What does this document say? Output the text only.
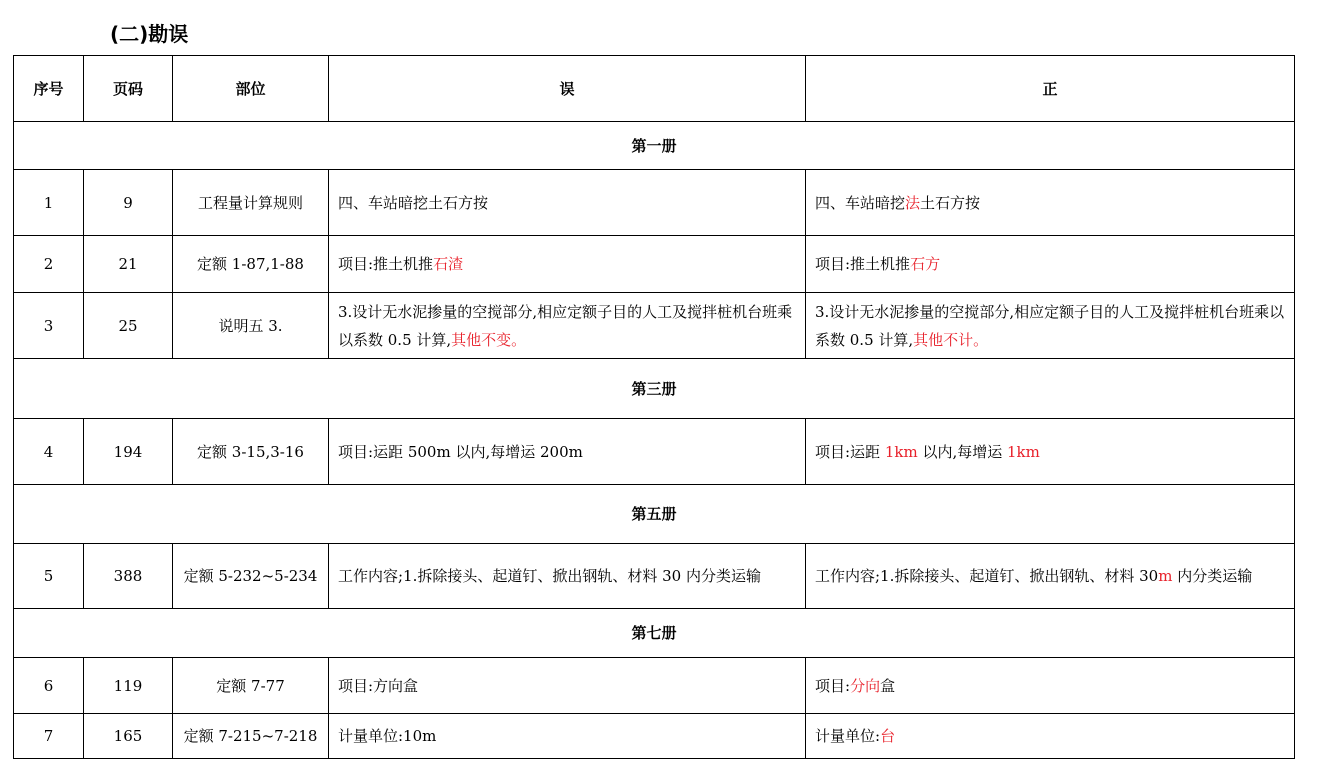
(二)勘误
序号	页码	部位	误	正
第一册				
1	9	工程量计算规则	四、车站暗挖土石方按	四、车站暗挖法土石方按
2	21	定额 1-87,1-88	项目:推土机推石渣	项目:推土机推石方
3	25	说明五 3.	3.设计无水泥掺量的空搅部分,相应定额子目的人工及搅拌桩机台班乘以系数 0.5 计算,其他不变。	3.设计无水泥掺量的空搅部分,相应定额子目的人工及搅拌桩机台班乘以系数 0.5 计算,其他不计。
第三册				
4	194	定额 3-15,3-16	项目:运距 500m 以内,每增运 200m	项目:运距 1km 以内,每增运 1km
第五册				
5	388	定额 5-232~5-234	工作内容;1.拆除接头、起道钉、掀出钢轨、材料 30 内分类运输	工作内容;1.拆除接头、起道钉、掀出钢轨、材料 30m 内分类运输
第七册				
6	119	定额 7-77	项目:方向盒	项目:分向盒
7	165	定额 7-215~7-218	计量单位:10m	计量单位:台
